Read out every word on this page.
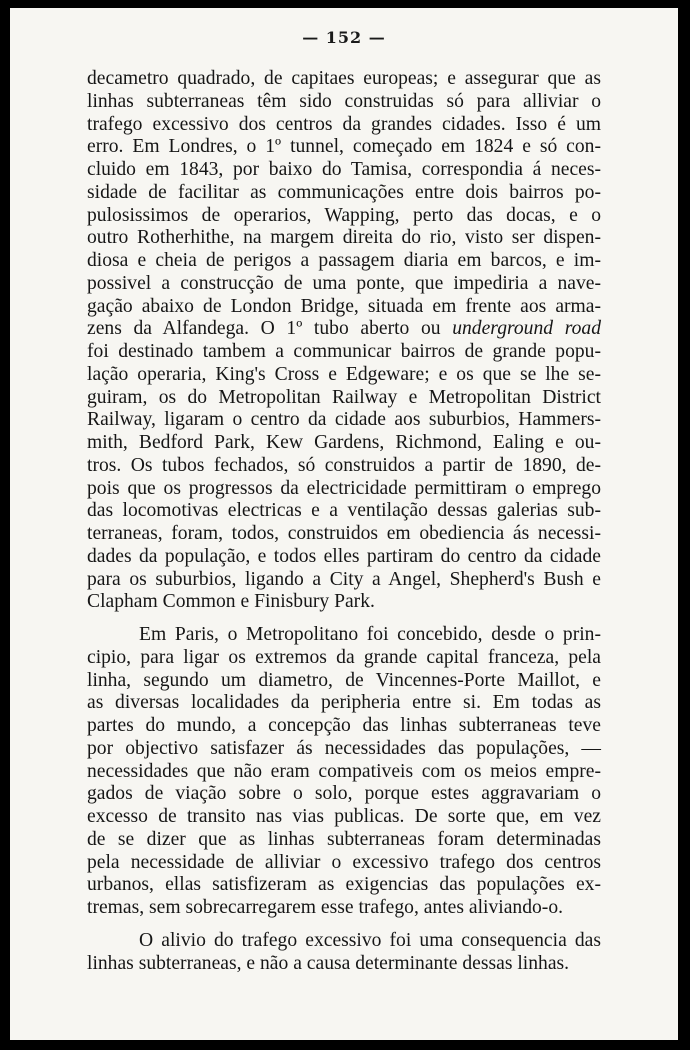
— 152 —

decametro quadrado, de capitaes europeas; e assegurar que as
linhas subterraneas têm sido construidas só para alliviar o
trafego excessivo dos centros da grandes cidades. Isso é um
erro. Em Londres, o 1º tunnel, começado em 1824 e só con-
cluido em 1843, por baixo do Tamisa, correspondia á neces-
sidade de facilitar as communicações entre dois bairros po-
pulosissimos de operarios, Wapping, perto das docas, e o
outro Rotherhithe, na margem direita do rio, visto ser dispen-
diosa e cheia de perigos a passagem diaria em barcos, e im-
possivel a construcção de uma ponte, que impediria a nave-
gação abaixo de London Bridge, situada em frente aos arma-
zens da Alfandega. O 1º tubo aberto ou underground road
foi destinado tambem a communicar bairros de grande popu-
lação operaria, King's Cross e Edgeware; e os que se lhe se-
guiram, os do Metropolitan Railway e Metropolitan District
Railway, ligaram o centro da cidade aos suburbios, Hammers-
mith, Bedford Park, Kew Gardens, Richmond, Ealing e ou-
tros. Os tubos fechados, só construidos a partir de 1890, de-
pois que os progressos da electricidade permittiram o emprego
das locomotivas electricas e a ventilação dessas galerias sub-
terraneas, foram, todos, construidos em obediencia ás necessi-
dades da população, e todos elles partiram do centro da cidade
para os suburbios, ligando a City a Angel, Shepherd's Bush e
Clapham Common e Finisbury Park.

Em Paris, o Metropolitano foi concebido, desde o prin-
cipio, para ligar os extremos da grande capital franceza, pela
linha, segundo um diametro, de Vincennes-Porte Maillot, e
as diversas localidades da peripheria entre si. Em todas as
partes do mundo, a concepção das linhas subterraneas teve
por objectivo satisfazer ás necessidades das populações, —
necessidades que não eram compativeis com os meios empre-
gados de viação sobre o solo, porque estes aggravariam o
excesso de transito nas vias publicas. De sorte que, em vez
de se dizer que as linhas subterraneas foram determinadas
pela necessidade de alliviar o excessivo trafego dos centros
urbanos, ellas satisfizeram as exigencias das populações ex-
tremas, sem sobrecarregarem esse trafego, antes aliviando-o.

O alivio do trafego excessivo foi uma consequencia das
linhas subterraneas, e não a causa determinante dessas linhas.
